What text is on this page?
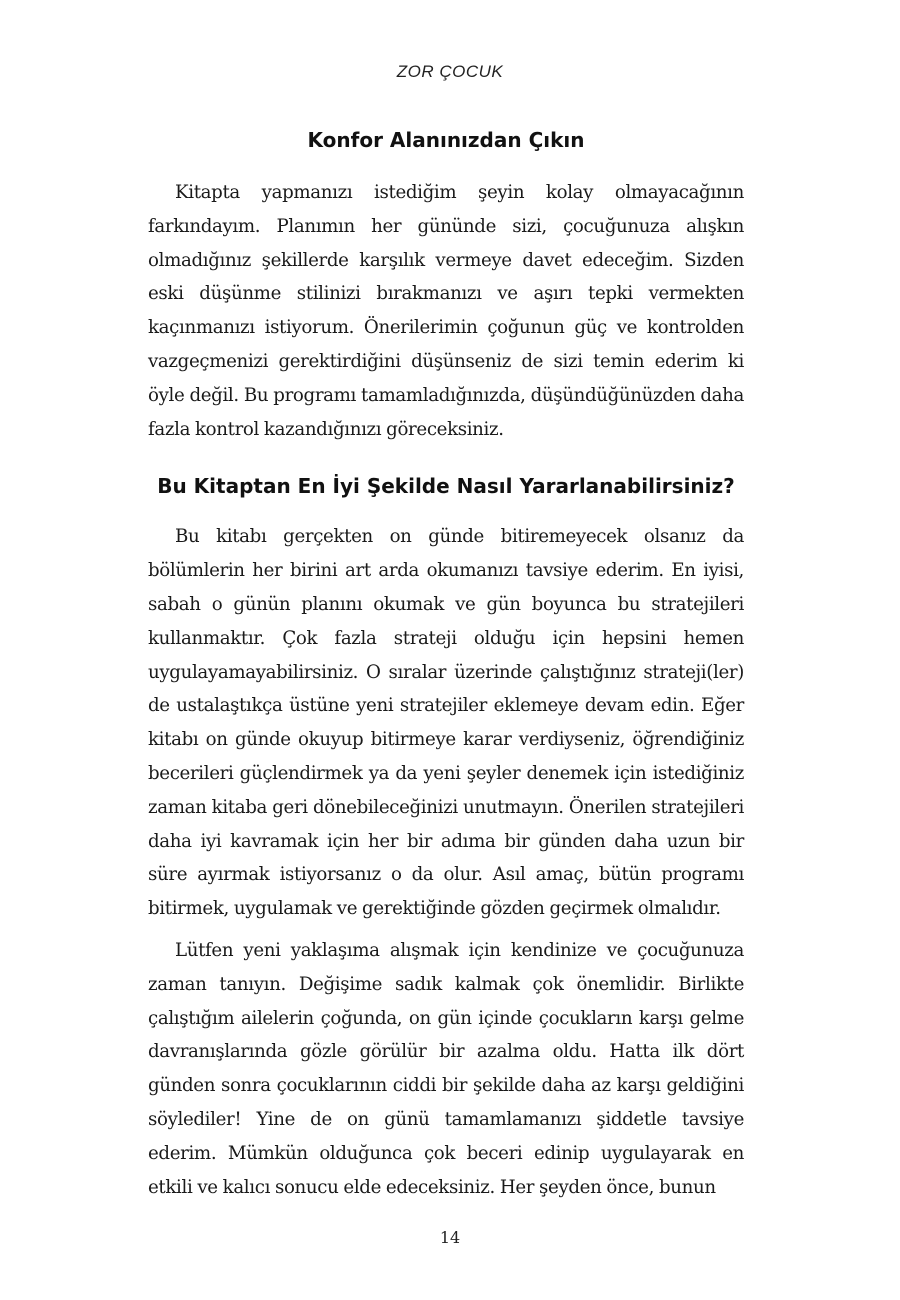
ZOR ÇOCUK
Konfor Alanınızdan Çıkın

Kitapta yapmanızı istediğim şeyin kolay olmayacağının farkındayım. Planımın her gününde sizi, çocuğunuza alışkın olmadığınız şekillerde karşılık vermeye davet edeceğim. Sizden eski düşünme stilinizi bırakmanızı ve aşırı tepki vermekten kaçınmanızı istiyorum. Önerilerimin çoğunun güç ve kontrolden vazgeçmenizi gerektirdiğini düşünseniz de sizi temin ederim ki öyle değil. Bu programı tamamladığınızda, düşündüğünüzden daha fazla kontrol kazandığınızı göreceksiniz.

Bu Kitaptan En İyi Şekilde Nasıl Yararlanabilirsiniz?

Bu kitabı gerçekten on günde bitiremeyecek olsanız da bölümlerin her birini art arda okumanızı tavsiye ederim. En iyisi, sabah o günün planını okumak ve gün boyunca bu stratejileri kullanmaktır. Çok fazla strateji olduğu için hepsini hemen uygulayamayabilirsiniz. O sıralar üzerinde çalıştığınız strateji(ler) de ustalaştıkça üstüne yeni stratejiler eklemeye devam edin. Eğer kitabı on günde okuyup bitirmeye karar verdiyseniz, öğrendiğiniz becerileri güçlendirmek ya da yeni şeyler denemek için istediğiniz zaman kitaba geri dönebileceğinizi unutmayın. Önerilen stratejileri daha iyi kavramak için her bir adıma bir günden daha uzun bir süre ayırmak istiyorsanız o da olur. Asıl amaç, bütün programı bitirmek, uygulamak ve gerektiğinde gözden geçirmek olmalıdır.

Lütfen yeni yaklaşıma alışmak için kendinize ve çocuğunuza zaman tanıyın. Değişime sadık kalmak çok önemlidir. Birlikte çalıştığım ailelerin çoğunda, on gün içinde çocukların karşı gelme davranışlarında gözle görülür bir azalma oldu. Hatta ilk dört günden sonra çocuklarının ciddi bir şekilde daha az karşı geldiğini söylediler! Yine de on günü tamamlamanızı şiddetle tavsiye ederim. Mümkün olduğunca çok beceri edinip uygulayarak en etkili ve kalıcı sonucu elde edeceksiniz. Her şeyden önce, bunun

14
